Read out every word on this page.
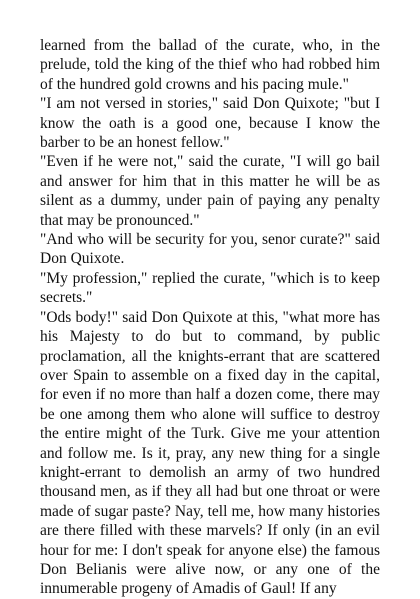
learned from the ballad of the curate, who, in the prelude, told the king of the thief who had robbed him of the hundred gold crowns and his pacing mule."

"I am not versed in stories," said Don Quixote; "but I know the oath is a good one, because I know the barber to be an honest fellow."

"Even if he were not," said the curate, "I will go bail and answer for him that in this matter he will be as silent as a dummy, under pain of paying any penalty that may be pronounced."

"And who will be security for you, senor curate?" said Don Quixote.

"My profession," replied the curate, "which is to keep secrets."

"Ods body!" said Don Quixote at this, "what more has his Majesty to do but to command, by public proclamation, all the knights-errant that are scattered over Spain to assemble on a fixed day in the capital, for even if no more than half a dozen come, there may be one among them who alone will suffice to destroy the entire might of the Turk. Give me your attention and follow me. Is it, pray, any new thing for a single knight-errant to demolish an army of two hundred thousand men, as if they all had but one throat or were made of sugar paste? Nay, tell me, how many histories are there filled with these marvels? If only (in an evil hour for me: I don't speak for anyone else) the famous Don Belianis were alive now, or any one of the innumerable progeny of Amadis of Gaul! If any
